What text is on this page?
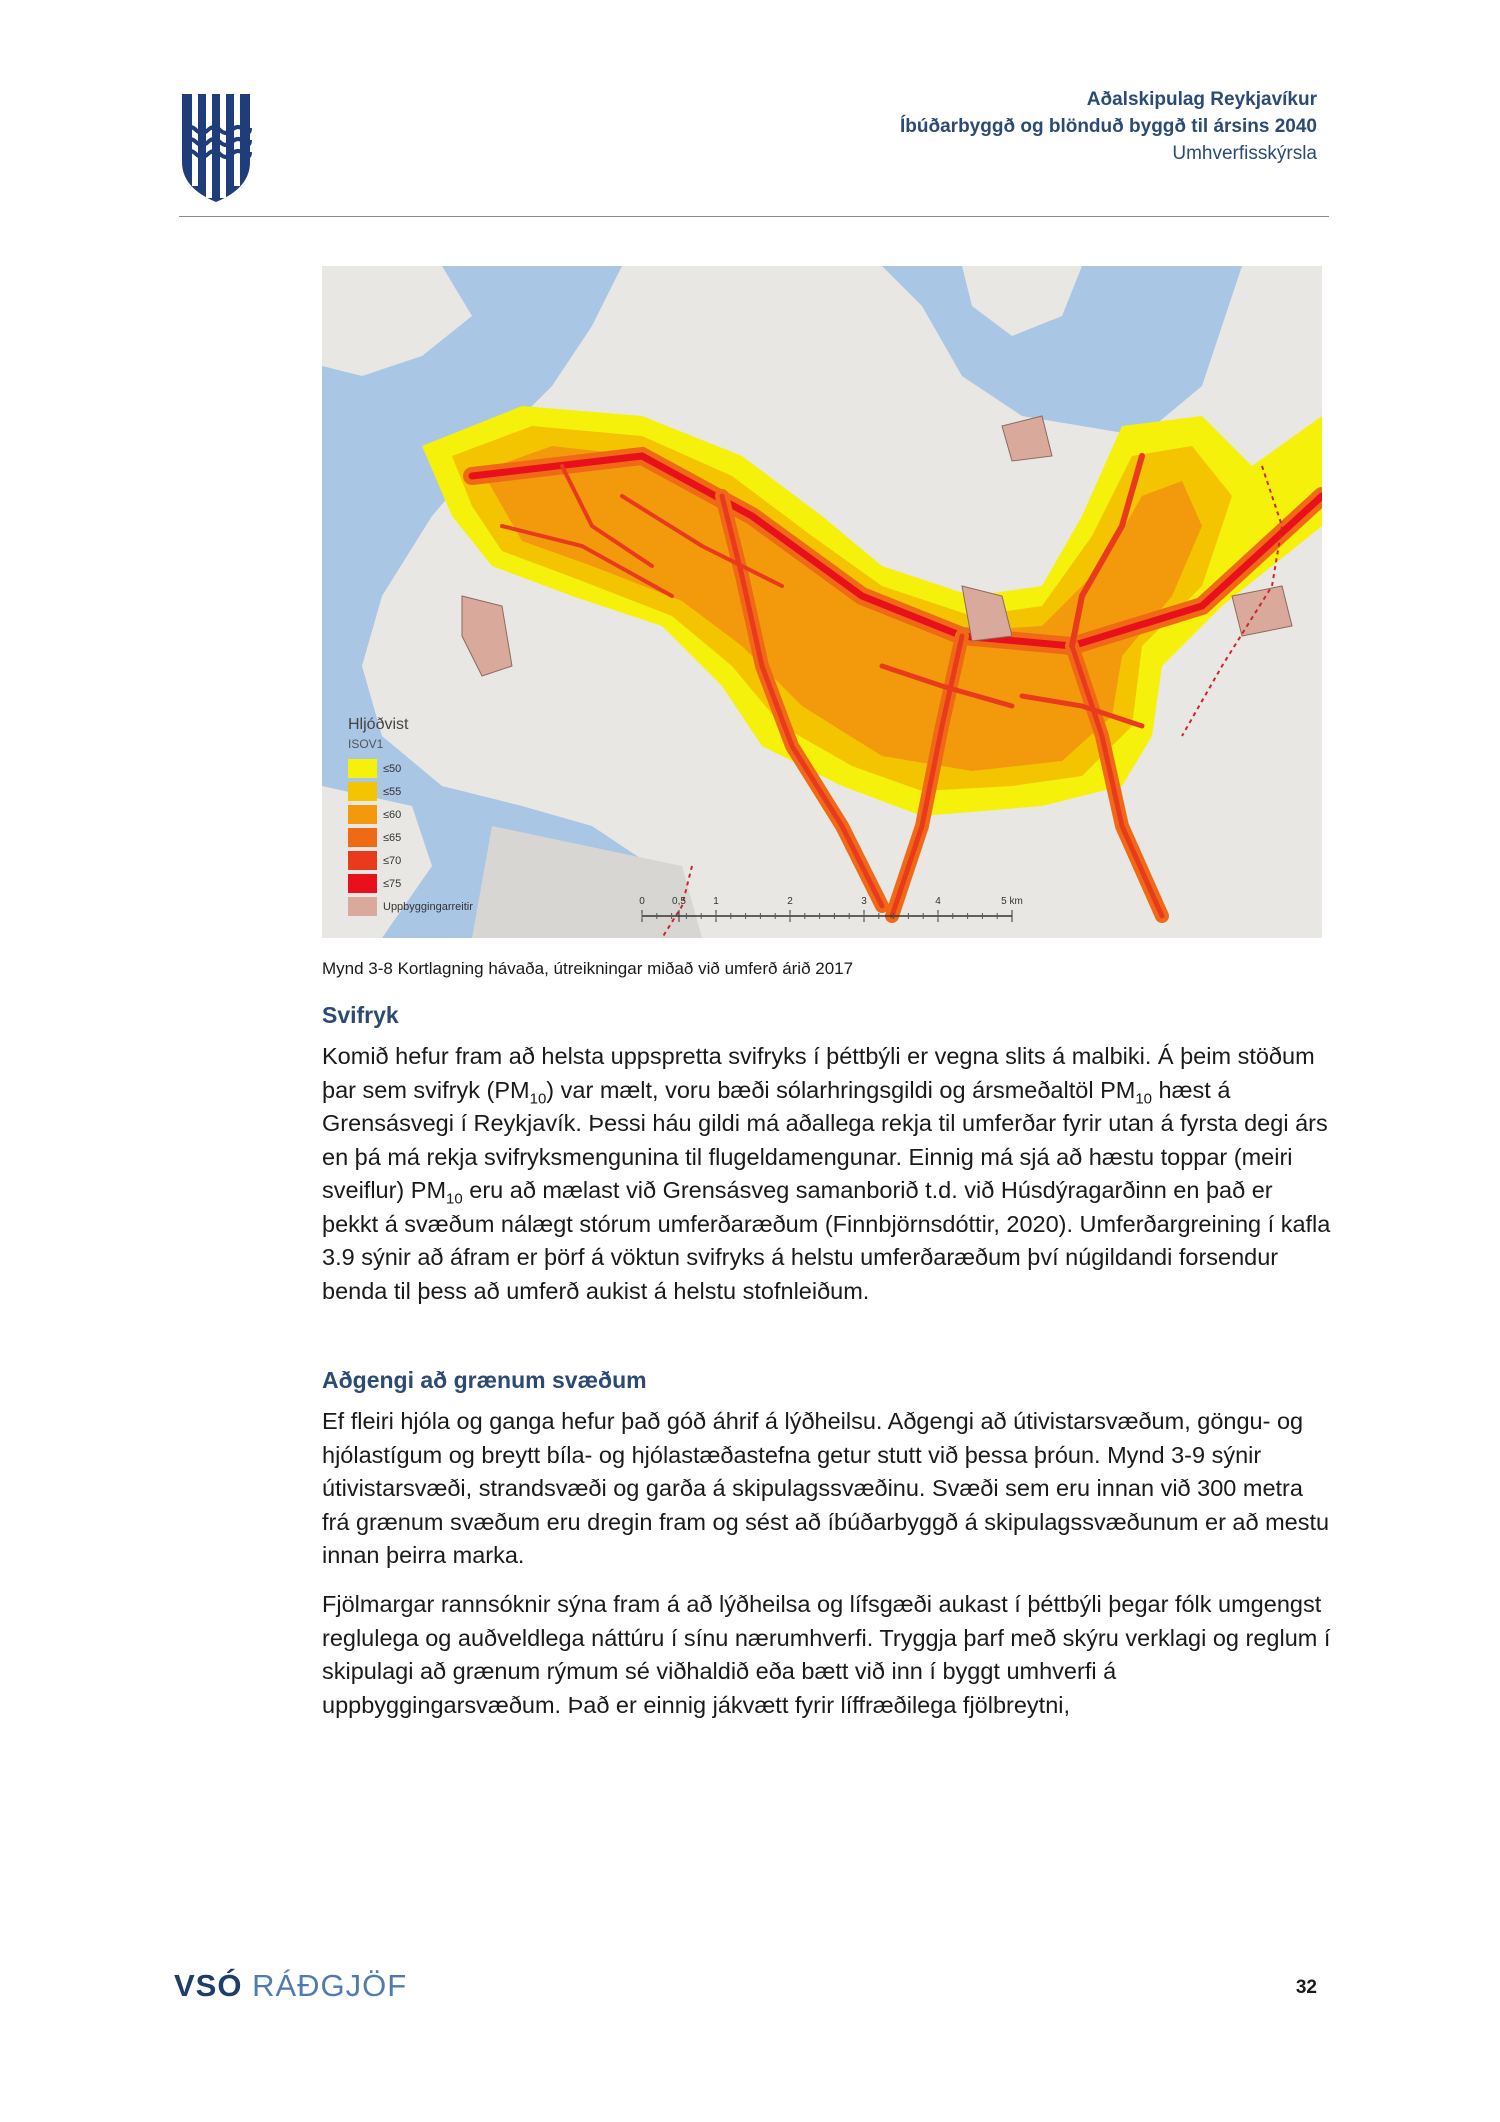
Aðalskipulag Reykjavíkur
Íbúðarbyggð og blönduð byggð til ársins 2040
Umhverfisskýrsla
Hljóðvist
ISOV1
≤50
≤55
≤60
≤65
≤70
≤75
Uppbyggingarreitir	0	0,5	1	2	3	4	5 km
Mynd 3-8 Kortlagning hávaða, útreikningar miðað við umferð árið 2017
Svifryk

Komið hefur fram að helsta uppspretta svifryks í þéttbýli er vegna slits á malbiki. Á þeim stöðum þar sem svifryk $(PM_{10})$ var mælt, voru bæði sólarhringsgildi og ársmeðaltöl $PM_{10}$ hæst á Grensásvegi í Reykjavík. Þessi háu gildi má aðallega rekja til umferðar fyrir utan á fyrsta degi árs en þá má rekja svifryksmengunina til flugeldamengunar. Einnig má sjá að hæstu toppar (meiri sveiflur) $PM_{10}$ eru að mælast við Grensásveg samanborið t.d. við Húsdýragarðinn en það er þekkt á svæðum nálægt stórum umferðaræðum (Finnbjörnsdóttir, 2020). Umferðargreining í kafla 3.9 sýnir að áfram er þörf á vöktun svifryks á helstu umferðaræðum því núgildandi forsendur benda til þess að umferð aukist á helstu stofnleiðum.

Aðgengi að grænum svæðum

Ef fleiri hjóla og ganga hefur það góð áhrif á lýðheilsu. Aðgengi að útivistarsvæðum, göngu- og hjólastígum og breytt bíla- og hjólastæðastefna getur stutt við þessa þróun. Mynd 3-9 sýnir útivistarsvæði, strandsvæði og garða á skipulagssvæðinu. Svæði sem eru innan við 300 metra frá grænum svæðum eru dregin fram og sést að íbúðarbyggð á skipulagssvæðunum er að mestu innan þeirra marka.

Fjölmargar rannsóknir sýna fram á að lýðheilsa og lífsgæði aukast í þéttbýli þegar fólk umgengst reglulega og auðveldlega náttúru í sínu nærumhverfi. Tryggja þarf með skýru verklagi og reglum í skipulagi að grænum rýmum sé viðhaldið eða bætt við inn í byggt umhverfi á uppbyggingarsvæðum. Það er einnig jákvætt fyrir líffræðilega fjölbreytni,

VSÓ RÁÐGJÖF	32
